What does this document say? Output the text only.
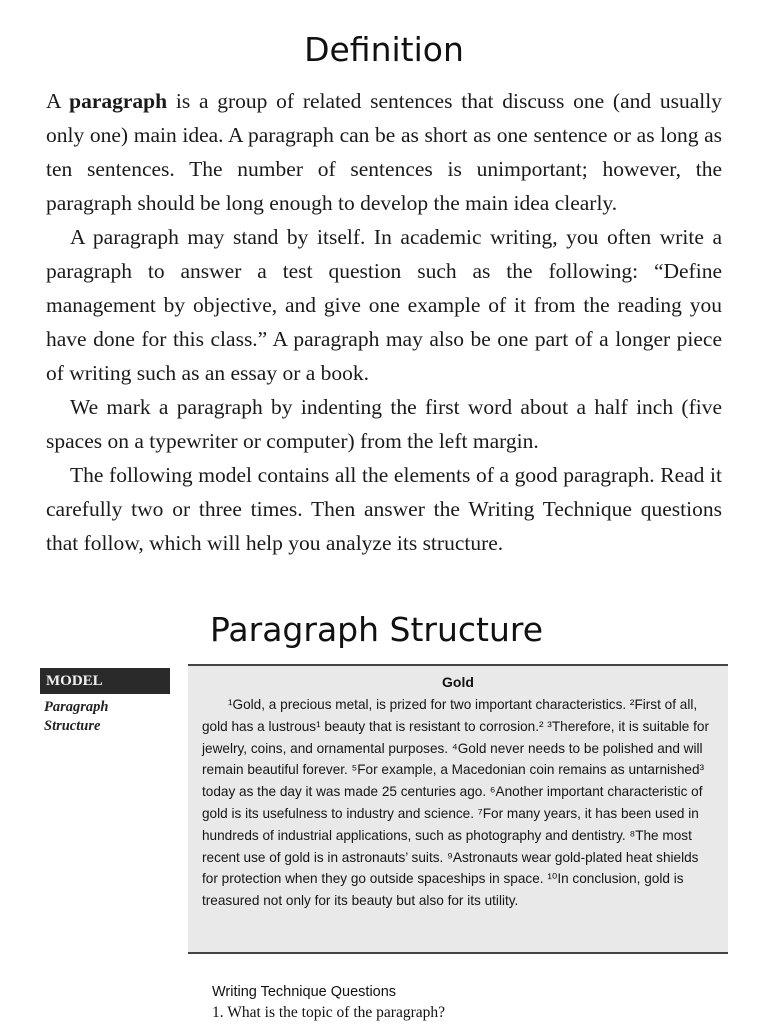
Definition

A paragraph is a group of related sentences that discuss one (and usually only one) main idea. A paragraph can be as short as one sentence or as long as ten sentences. The number of sentences is unimportant; however, the paragraph should be long enough to develop the main idea clearly.

A paragraph may stand by itself. In academic writing, you often write a paragraph to answer a test question such as the following: “Define management by objective, and give one example of it from the reading you have done for this class.” A paragraph may also be one part of a longer piece of writing such as an essay or a book.

We mark a paragraph by indenting the first word about a half inch (five spaces on a typewriter or computer) from the left margin.

The following model contains all the elements of a good paragraph. Read it carefully two or three times. Then answer the Writing Technique questions that follow, which will help you analyze its structure.

Paragraph Structure
MODEL
Paragraph
Structure
Gold
¹Gold, a precious metal, is prized for two important characteristics. ²First of all, gold has a lustrous¹ beauty that is resistant to corrosion.² ³Therefore, it is suitable for jewelry, coins, and ornamental purposes. ⁴Gold never needs to be polished and will remain beautiful forever. ⁵For example, a Macedonian coin remains as untarnished³ today as the day it was made 25 centuries ago. ⁶Another important characteristic of gold is its usefulness to industry and science. ⁷For many years, it has been used in hundreds of industrial applications, such as photography and dentistry. ⁸The most recent use of gold is in astronauts’ suits. ⁹Astronauts wear gold-plated heat shields for protection when they go outside spaceships in space. ¹⁰In conclusion, gold is treasured not only for its beauty but also for its utility.
Writing Technique Questions
1. What is the topic of the paragraph?
